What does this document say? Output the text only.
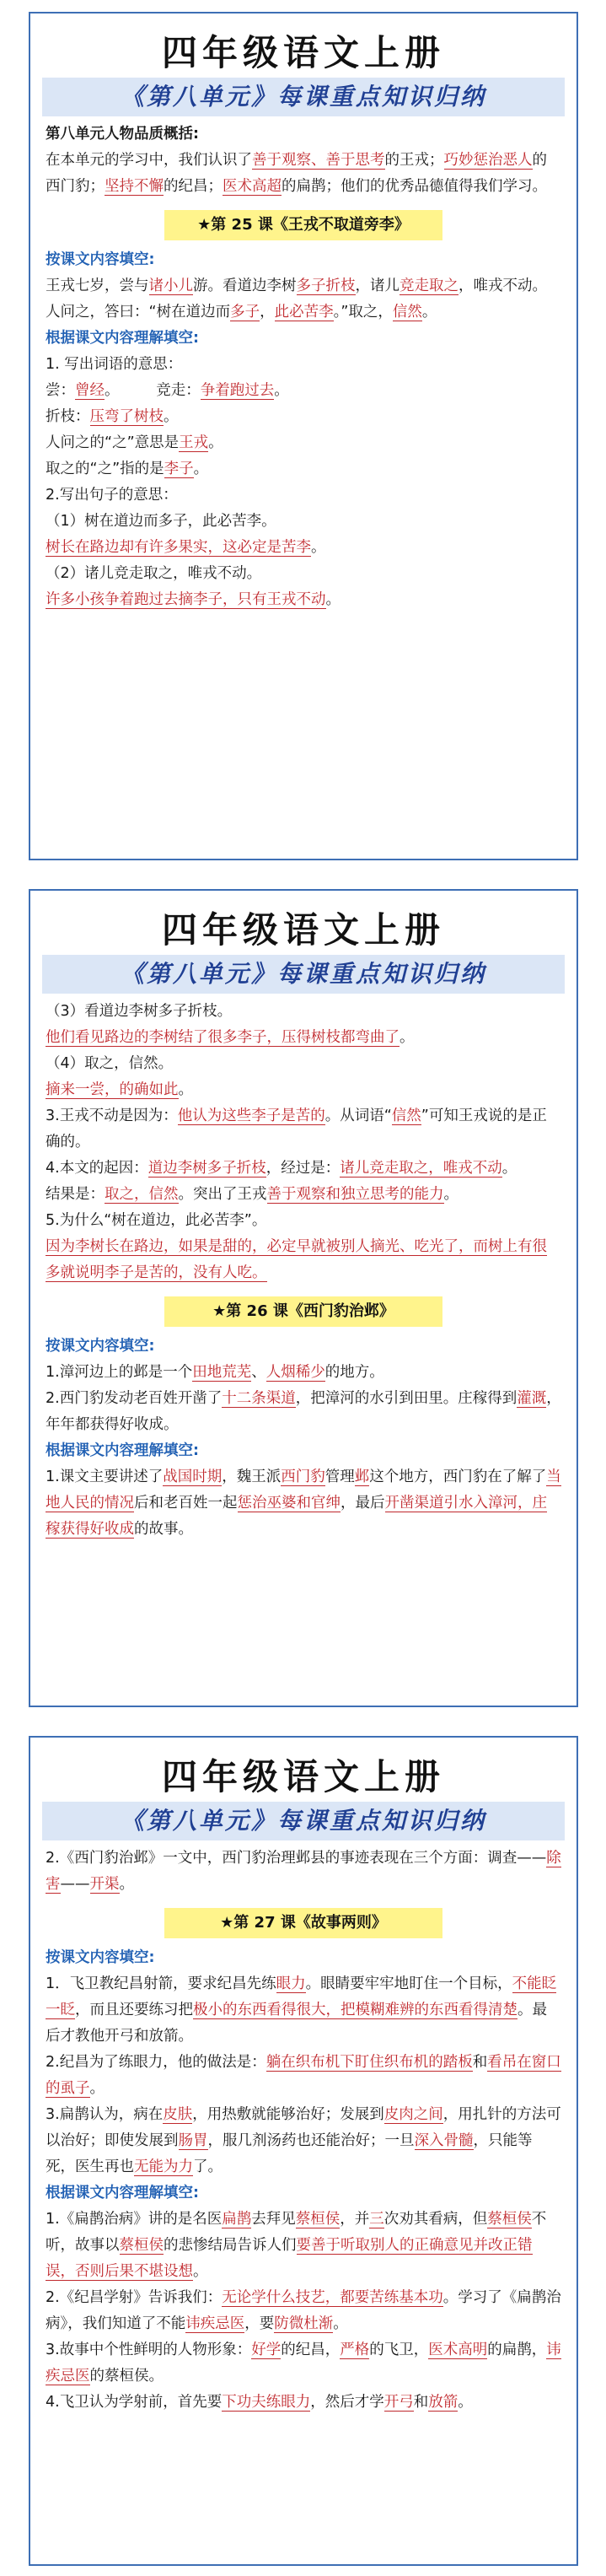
四年级语文上册
《第八单元》每课重点知识归纳

第八单元人物品质概括:

在本单元的学习中，我们认识了善于观察、善于思考的王戎；巧妙惩治恶人的西门豹；坚持不懈的纪昌；医术高超的扁鹊；他们的优秀品德值得我们学习。

★第 25 课《王戎不取道旁李》

按课文内容填空:

王戎七岁，尝与诸小儿游。看道边李树多子折枝，诸儿竞走取之，唯戎不动。人问之，答曰：“树在道边而多子，此必苦李。”取之，信然。

根据课文内容理解填空:

1. 写出词语的意思：

尝：曾经。　　　竞走：争着跑过去。

折枝：压弯了树枝。

人问之的“之”意思是王戎。

取之的“之”指的是李子。

2.写出句子的意思：

（1）树在道边而多子，此必苦李。

树长在路边却有许多果实，这必定是苦李。

（2）诸儿竞走取之，唯戎不动。

许多小孩争着跑过去摘李子，只有王戎不动。

四年级语文上册
《第八单元》每课重点知识归纳

（3）看道边李树多子折枝。

他们看见路边的李树结了很多李子，压得树枝都弯曲了。

（4）取之，信然。

摘来一尝，的确如此。

3.王戎不动是因为：他认为这些李子是苦的。从词语“信然”可知王戎说的是正确的。

4.本文的起因：道边李树多子折枝，经过是：诸儿竞走取之，唯戎不动。

结果是：取之，信然。突出了王戎善于观察和独立思考的能力。

5.为什么“树在道边，此必苦李”。

因为李树长在路边，如果是甜的，必定早就被别人摘光、吃光了，而树上有很多就说明李子是苦的，没有人吃。

★第 26 课《西门豹治邺》

按课文内容填空:

1.漳河边上的邺是一个田地荒芜、人烟稀少的地方。

2.西门豹发动老百姓开凿了十二条渠道，把漳河的水引到田里。庄稼得到灌溉，年年都获得好收成。

根据课文内容理解填空:

1.课文主要讲述了战国时期，魏王派西门豹管理邺这个地方，西门豹在了解了当地人民的情况后和老百姓一起惩治巫婆和官绅，最后开凿渠道引水入漳河，庄稼获得好收成的故事。

四年级语文上册
《第八单元》每课重点知识归纳

2.《西门豹治邺》一文中，西门豹治理邺县的事迹表现在三个方面：调查——除害——开渠。

★第 27 课《故事两则》

按课文内容填空:

1．飞卫教纪昌射箭，要求纪昌先练眼力。眼睛要牢牢地盯住一个目标，不能眨一眨，而且还要练习把极小的东西看得很大，把模糊难辨的东西看得清楚。最后才教他开弓和放箭。

2.纪昌为了练眼力，他的做法是：躺在织布机下盯住织布机的踏板和看吊在窗口的虱子。

3.扁鹊认为，病在皮肤，用热敷就能够治好；发展到皮肉之间，用扎针的方法可以治好；即使发展到肠胃，服几剂汤药也还能治好；一旦深入骨髓，只能等死，医生再也无能为力了。

根据课文内容理解填空:

1.《扁鹊治病》讲的是名医扁鹊去拜见蔡桓侯，并三次劝其看病，但蔡桓侯不听，故事以蔡桓侯的悲惨结局告诉人们要善于听取别人的正确意见并改正错误，否则后果不堪设想。

2.《纪昌学射》告诉我们：无论学什么技艺，都要苦练基本功。学习了《扁鹊治病》，我们知道了不能讳疾忌医，要防微杜渐。

3.故事中个性鲜明的人物形象：好学的纪昌，严格的飞卫，医术高明的扁鹊，讳疾忌医的蔡桓侯。

4.飞卫认为学射前，首先要下功夫练眼力，然后才学开弓和放箭。
